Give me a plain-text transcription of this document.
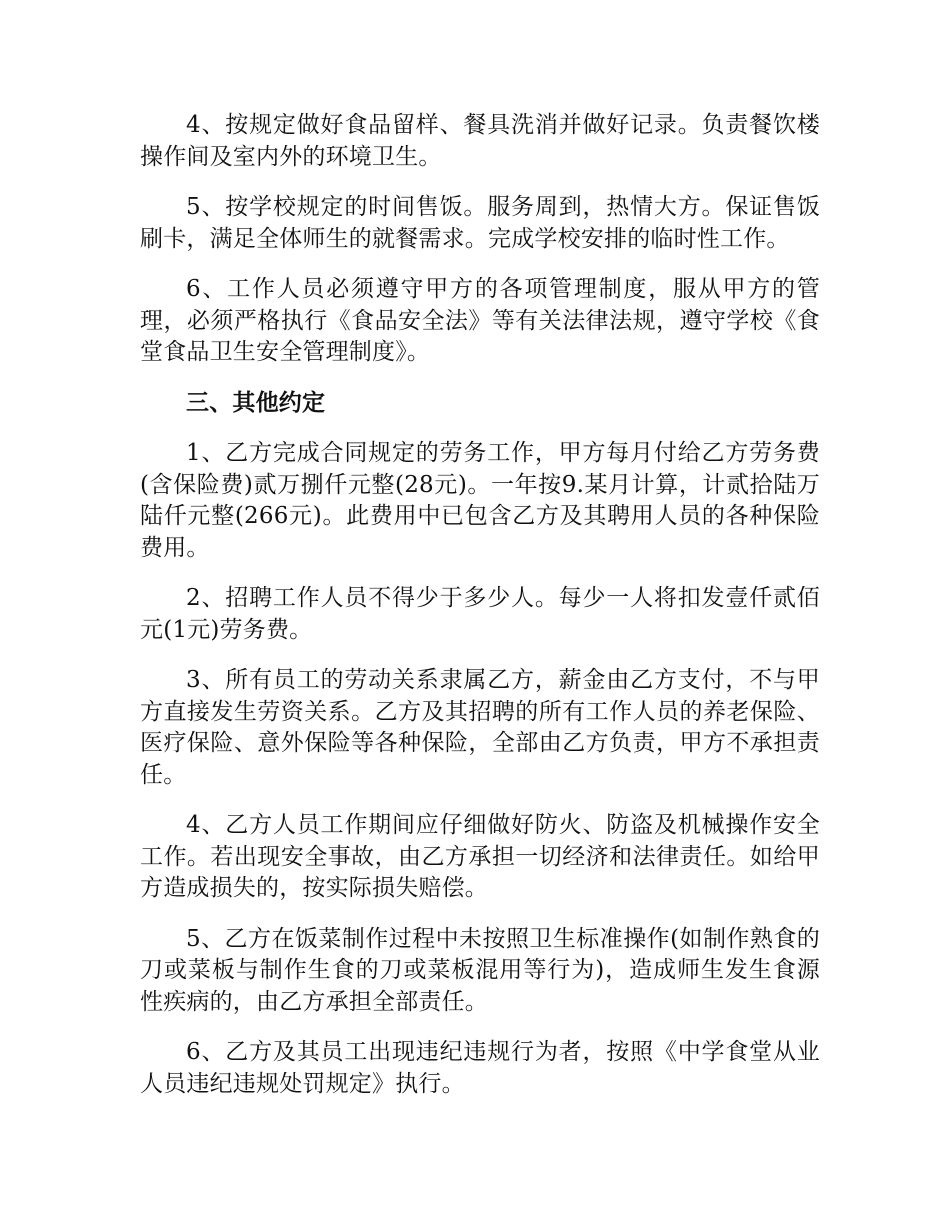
4、按规定做好食品留样、餐具洗消并做好记录。负责餐饮楼操作间及室内外的环境卫生。

5、按学校规定的时间售饭。服务周到，热情大方。保证售饭刷卡，满足全体师生的就餐需求。完成学校安排的临时性工作。

6、工作人员必须遵守甲方的各项管理制度，服从甲方的管理，必须严格执行《食品安全法》等有关法律法规，遵守学校《食堂食品卫生安全管理制度》。

三、其他约定

1、乙方完成合同规定的劳务工作，甲方每月付给乙方劳务费(含保险费)贰万捌仟元整(28元)。一年按9.某月计算，计贰拾陆万陆仟元整(266元)。此费用中已包含乙方及其聘用人员的各种保险费用。

2、招聘工作人员不得少于多少人。每少一人将扣发壹仟贰佰元(1元)劳务费。

3、所有员工的劳动关系隶属乙方，薪金由乙方支付，不与甲方直接发生劳资关系。乙方及其招聘的所有工作人员的养老保险、医疗保险、意外保险等各种保险，全部由乙方负责，甲方不承担责任。

4、乙方人员工作期间应仔细做好防火、防盗及机械操作安全工作。若出现安全事故，由乙方承担一切经济和法律责任。如给甲方造成损失的，按实际损失赔偿。

5、乙方在饭菜制作过程中未按照卫生标准操作(如制作熟食的刀或菜板与制作生食的刀或菜板混用等行为)，造成师生发生食源性疾病的，由乙方承担全部责任。

6、乙方及其员工出现违纪违规行为者，按照《中学食堂从业人员违纪违规处罚规定》执行。
